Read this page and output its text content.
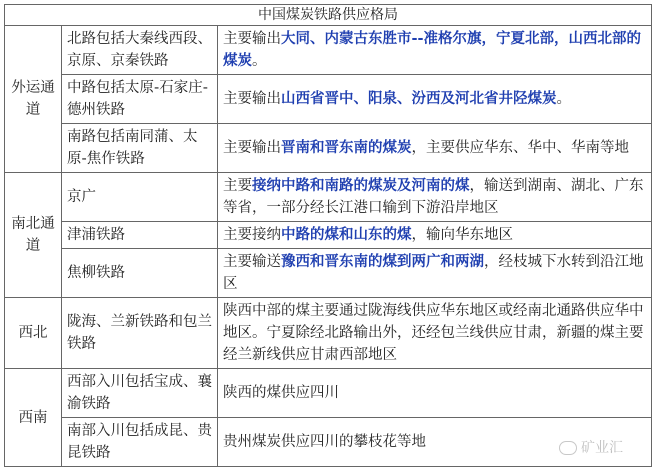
中国煤炭铁路供应格局		
外运通道	北路包括大秦线西段、京原、京秦铁路	主要输出大同、内蒙古东胜市--准格尔旗，宁夏北部，山西北部的煤炭。
	中路包括太原-石家庄-德州铁路	主要输出山西省晋中、阳泉、汾西及河北省井陉煤炭。
	南路包括南同蒲、太原-焦作铁路	主要输出晋南和晋东南的煤炭，主要供应华东、华中、华南等地
南北通道	京广	主要接纳中路和南路的煤炭及河南的煤，输送到湖南、湖北、广东等省，一部分经长江港口输到下游沿岸地区
	津浦铁路	主要接纳中路的煤和山东的煤，输向华东地区
	焦柳铁路	主要输送豫西和晋东南的煤到两广和两湖，经枝城下水转到沿江地区
西北	陇海、兰新铁路和包兰铁路	陕西中部的煤主要通过陇海线供应华东地区或经南北通路供应华中地区。宁夏除经北路输出外，还经包兰线供应甘肃，新疆的煤主要经兰新线供应甘肃西部地区
西南	西部入川包括宝成、襄渝铁路	陕西的煤供应四川
	南部入川包括成昆、贵昆铁路	贵州煤炭供应四川的攀枝花等地	矿业汇
